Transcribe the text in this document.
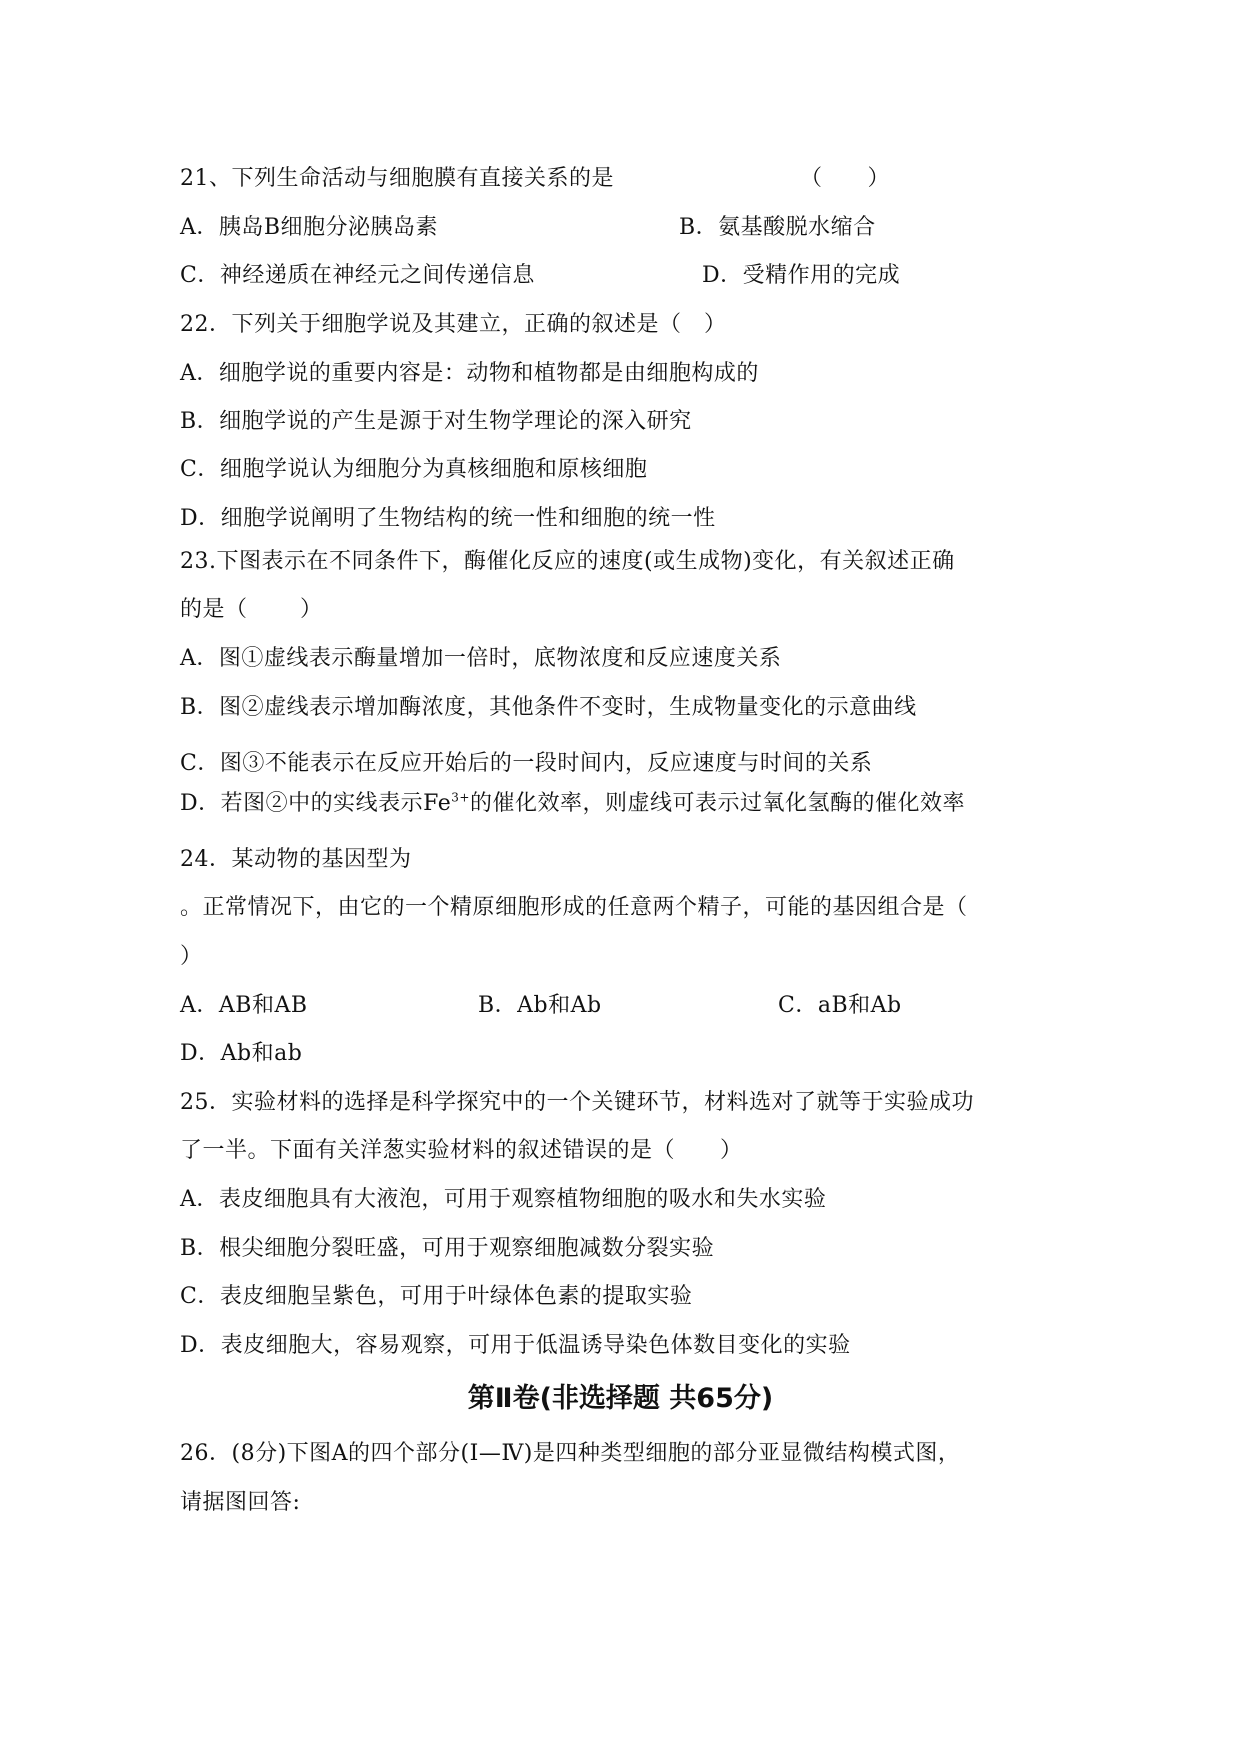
21、下列生命活动与细胞膜有直接关系的是	（　　）
A．胰岛B细胞分泌胰岛素	B．氨基酸脱水缩合
C．神经递质在神经元之间传递信息	D．受精作用的完成
22．下列关于细胞学说及其建立，正确的叙述是（　）
A．细胞学说的重要内容是：动物和植物都是由细胞构成的
B．细胞学说的产生是源于对生物学理论的深入研究
C．细胞学说认为细胞分为真核细胞和原核细胞
D．细胞学说阐明了生物结构的统一性和细胞的统一性
23.下图表示在不同条件下，酶催化反应的速度(或生成物)变化，有关叙述正确
的是（　　 ）
A．图①虚线表示酶量增加一倍时，底物浓度和反应速度关系
B．图②虚线表示增加酶浓度，其他条件不变时，生成物量变化的示意曲线
C．图③不能表示在反应开始后的一段时间内，反应速度与时间的关系
D．若图②中的实线表示$Fe^{3+}$的催化效率，则虚线可表示过氧化氢酶的催化效率
24．某动物的基因型为
。正常情况下，由它的一个精原细胞形成的任意两个精子，可能的基因组合是（
）
A．AB和AB	B．Ab和Ab	C．aB和Ab
D．Ab和ab
25．实验材料的选择是科学探究中的一个关键环节，材料选对了就等于实验成功
了一半。下面有关洋葱实验材料的叙述错误的是（　　）
A．表皮细胞具有大液泡，可用于观察植物细胞的吸水和失水实验
B．根尖细胞分裂旺盛，可用于观察细胞减数分裂实验
C．表皮细胞呈紫色，可用于叶绿体色素的提取实验
D．表皮细胞大，容易观察，可用于低温诱导染色体数目变化的实验
第Ⅱ卷(非选择题 共65分)
26．(8分)下图A的四个部分(Ⅰ—Ⅳ)是四种类型细胞的部分亚显微结构模式图，
请据图回答:
